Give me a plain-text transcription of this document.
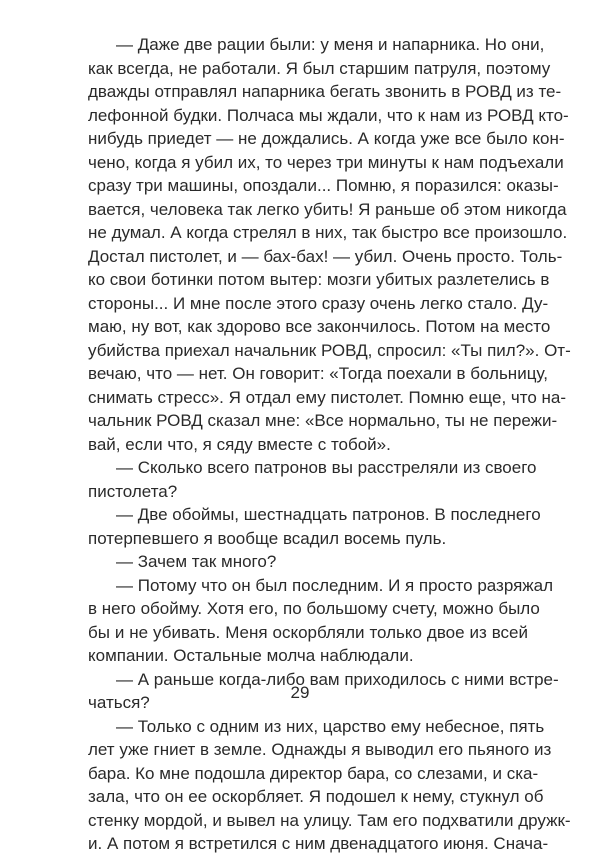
— Даже две рации были: у меня и напарника. Но они,
как всегда, не работали. Я был старшим патруля, поэтому
дважды отправлял напарника бегать звонить в РОВД из те-
лефонной будки. Полчаса мы ждали, что к нам из РОВД кто-
нибудь приедет — не дождались. А когда уже все было кон-
чено, когда я убил их, то через три минуты к нам подъехали
сразу три машины, опоздали... Помню, я поразился: оказы-
вается, человека так легко убить! Я раньше об этом никогда
не думал. А когда стрелял в них, так быстро все произошло.
Достал пистолет, и — бах-бах! — убил. Очень просто. Толь-
ко свои ботинки потом вытер: мозги убитых разлетелись в
стороны... И мне после этого сразу очень легко стало. Ду-
маю, ну вот, как здорово все закончилось. Потом на место
убийства приехал начальник РОВД, спросил: «Ты пил?». От-
вечаю, что — нет. Он говорит: «Тогда поехали в больницу,
снимать стресс». Я отдал ему пистолет. Помню еще, что на-
чальник РОВД сказал мне: «Все нормально, ты не пережи-
вай, если что, я сяду вместе с тобой».
— Сколько всего патронов вы расстреляли из своего
пистолета?
— Две обоймы, шестнадцать патронов. В последнего
потерпевшего я вообще всадил восемь пуль.
— Зачем так много?
— Потому что он был последним. И я просто разряжал
в него обойму. Хотя его, по большому счету, можно было
бы и не убивать. Меня оскорбляли только двое из всей
компании. Остальные молча наблюдали.
— А раньше когда-либо вам приходилось с ними встре-
чаться?
— Только с одним из них, царство ему небесное, пять
лет уже гниет в земле. Однажды я выводил его пьяного из
бара. Ко мне подошла директор бара, со слезами, и ска-
зала, что он ее оскорбляет. Я подошел к нему, стукнул об
стенку мордой, и вывел на улицу. Там его подхватили дружк-
и. А потом я встретился с ним двенадцатого июня. Снача-
29
